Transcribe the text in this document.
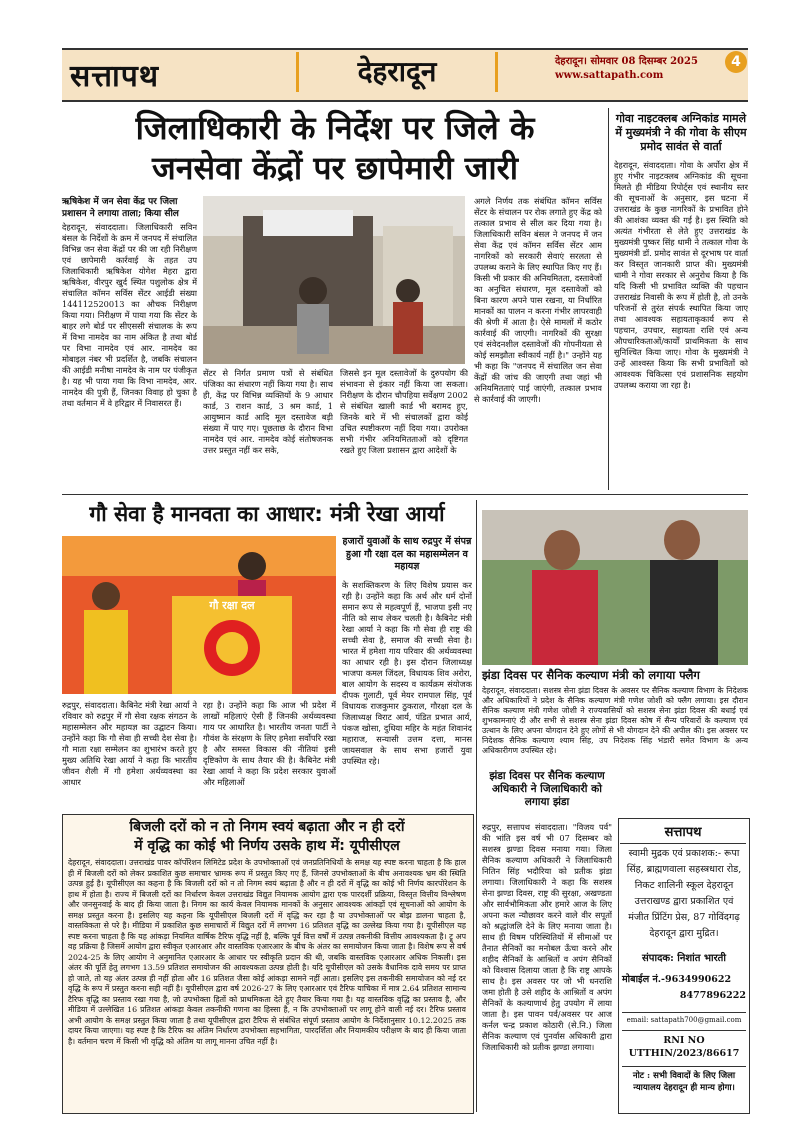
सत्तापथ	देहरादून	देहरादून। सोमवार 08 दिसम्बर 2025
www.sattapath.com
4
जिलाधिकारी के निर्देश पर जिले के
जनसेवा केंद्रों पर छापेमारी जारी
ऋषिकेश में जन सेवा केंद्र पर जिला प्रशासन ने लगाया ताला; किया सील
देहरादून, संवाददाता। जिलाधिकारी सविन बंसल के निर्देशों के क्रम में जनपद में संचालित विभिन्न जन सेवा केंद्रों पर की जा रही निरीक्षण एवं छापेमारी कार्रवाई के तहत उप जिलाधिकारी ऋषिकेश योगेश मेहरा द्वारा ऋषिकेश, वीरपुर खुर्द स्थित पशुलोक क्षेत्र में संचालित कॉमन सर्विस सेंटर आईडी संख्या 144112520013 का औचक निरीक्षण किया गया। निरीक्षण में पाया गया कि सेंटर के बाहर लगे बोर्ड पर सीएससी संचालक के रूप में विभा नामदेव का नाम अंकित है तथा बोर्ड पर विभा नामदेव एवं आर. नामदेव का मोबाइल नंबर भी प्रदर्शित है, जबकि संचालन की आईडी मनीषा नामदेव के नाम पर पंजीकृत है। यह भी पाया गया कि विभा नामदेव, आर. नामदेव की पुत्री हैं, जिनका विवाह हो चुका है तथा वर्तमान में वे हरिद्वार में निवासरत हैं।
सेंटर से निर्गत प्रमाण पत्रों से संबंधित पंजिका का संधारण नहीं किया गया है। साथ ही, केंद्र पर विभिन्न व्यक्तियों के 9 आधार कार्ड, 3 राशन कार्ड, 3 श्रम कार्ड, 1 आयुष्मान कार्ड आदि मूल दस्तावेज बड़ी संख्या में पाए गए। पूछताछ के दौरान विभा नामदेव एवं आर. नामदेव कोई संतोषजनक उत्तर प्रस्तुत नहीं कर सके,
जिससे इन मूल दस्तावेजों के दुरुपयोग की संभावना से इंकार नहीं किया जा सकता। निरीक्षण के दौरान चौपहिया सर्वेक्षण 2002 से संबंधित खाली कार्ड भी बरामद हुए, जिनके बारे में भी संचालकों द्वारा कोई उचित स्पष्टीकरण नहीं दिया गया। उपरोक्त सभी गंभीर अनियमितताओं को दृष्टिगत रखते हुए जिला प्रशासन द्वारा आदेशों के
अगले निर्णय तक संबंधित कॉमन सर्विस सेंटर के संचालन पर रोक लगाते हुए केंद्र को तत्काल प्रभाव से सील कर दिया गया है। जिलाधिकारी सविन बंसल ने जनपद में जन सेवा केंद्र एवं कॉमन सर्विस सेंटर आम नागरिकों को सरकारी सेवाएं सरलता से उपलब्ध कराने के लिए स्थापित किए गए हैं। किसी भी प्रकार की अनियमितता, दस्तावेजों का अनुचित संधारण, मूल दस्तावेजों को बिना कारण अपने पास रखना, या निर्धारित मानकों का पालन न करना गंभीर लापरवाही की श्रेणी में आता है। ऐसे मामलों में कठोर कार्रवाई की जाएगी। नागरिकों की सुरक्षा एवं संवेदनशील दस्तावेजों की गोपनीयता से कोई समझौता स्वीकार्य नहीं है।" उन्होंने यह भी कहा कि "जनपद में संचालित जन सेवा केंद्रों की जांच की जाएगी तथा जहां भी अनियमितताएं पाई जाएंगी, तत्काल प्रभाव से कार्रवाई की जाएगी।
गोवा नाइटक्लब अग्निकांड मामले में मुख्यमंत्री ने की गोवा के सीएम प्रमोद सावंत से वार्ता
देहरादून, संवाददाता। गोवा के अर्पोरा क्षेत्र में हुए गंभीर नाइटक्लब अग्निकांड की सूचना मिलते ही मीडिया रिपोर्ट्स एवं स्थानीय स्तर की सूचनाओं के अनुसार, इस घटना में उत्तराखंड के कुछ नागरिकों के प्रभावित होने की आशंका व्यक्त की गई है। इस स्थिति को अत्यंत गंभीरता से लेते हुए उत्तराखंड के मुख्यमंत्री पुष्कर सिंह धामी ने तत्काल गोवा के मुख्यमंत्री डॉ. प्रमोद सावंत से दूरभाष पर वार्ता कर विस्तृत जानकारी प्राप्त की। मुख्यमंत्री धामी ने गोवा सरकार से अनुरोध किया है कि यदि किसी भी प्रभावित व्यक्ति की पहचान उत्तराखंड निवासी के रूप में होती है, तो उनके परिजनों से तुरंत संपर्क स्थापित किया जाए तथा आवश्यक सहायताकृकार्य रूप से पहचान, उपचार, सहायता राशि एवं अन्य औपचारिकताओं/कार्यों प्राथमिकता के साथ सुनिश्चित किया जाए। गोवा के मुख्यमंत्री ने उन्हें आश्वस्त किया कि सभी प्रभावितों को आवश्यक चिकित्सा एवं प्रशासनिक सहयोग उपलब्ध कराया जा रहा है।
गौ सेवा है मानवता का आधार: मंत्री रेखा आर्या
हजारों युवाओं के साथ रुद्रपुर में संपन्न हुआ गौ रक्षा दल का महासम्मेलन व महायज्ञ
गौ रक्षा दल
रुद्रपुर, संवाददाता। कैबिनेट मंत्री रेखा आर्या ने रविवार को रुद्रपुर में गौ सेवा रक्षक संगठन के महासम्मेलन और महायज्ञ का उद्घाटन किया। उन्होंने कहा कि गौ सेवा ही सच्ची देश सेवा है। गौ माता रक्षा सम्मेलन का शुभारंभ करते हुए मुख्य अतिथि रेखा आर्या ने कहा कि भारतीय जीवन शैली में गौ हमेशा अर्थव्यवस्था का आधार
रहा है। उन्होंने कहा कि आज भी प्रदेश में लाखों महिलाएं ऐसी हैं जिनकी अर्थव्यवस्था गाय पर आधारित है। भारतीय जनता पार्टी ने गौवंश के संरक्षण के लिए हमेशा सर्वोपरि रखा है और समस्त विकास की नीतियां इसी दृष्टिकोण के साथ तैयार की है। कैबिनेट मंत्री रेखा आर्या ने कहा कि प्रदेश सरकार युवाओं और महिलाओं
के सशक्तिकरण के लिए विशेष प्रयास कर रही है। उन्होंने कहा कि अर्थ और धर्म दोनों समान रूप से महत्वपूर्ण हैं, भाजपा इसी नए नीति को साथ लेकर चलती है। कैबिनेट मंत्री रेखा आर्या ने कहा कि गौ सेवा ही राष्ट्र की सच्ची सेवा है, समाज की सच्ची सेवा है। भारत में हमेशा गाय परिवार की अर्थव्यवस्था का आधार रही है। इस दौरान जिलाध्यक्ष भाजपा कमल जिंदल, विधायक शिव अरोरा, बाल आयोग के सदस्य व कार्यक्रम संयोजक दीपक गुलाटी, पूर्व मेयर रामपाल सिंह, पूर्व विधायक राजकुमार ठुकराल, गौरक्षा दल के जिलाध्यक्ष विराट आर्य, पंडित प्रभात आर्य, पंकज खोसा, दुधिया महिर के महंत शिवानंद महाराज, सन्यासी उत्तम दत्ता, मानस जायसवाल के साथ सभा हजारों युवा उपस्थित रहे।
झंडा दिवस पर सैनिक कल्याण मंत्री को लगाया फ्लैग
देहरादून, संवाददाता। सशस्त्र सेना झंडा दिवस के अवसर पर सैनिक कल्याण विभाग के निदेशक और अधिकारियों ने प्रदेश के सैनिक कल्याण मंत्री गणेश जोशी को फ्लैग लगाया। इस दौरान सैनिक कल्याण मंत्री गणेश जोशी ने राज्यवासियों को सशस्त्र सेना झंडा दिवस की बधाई एवं शुभकामनाएं दी और सभी से सशस्त्र सेना झंडा दिवस कोष में सैन्य परिवारों के कल्याण एवं उत्थान के लिए अपना योगदान देने हुए लोगों से भी योगदान देने की अपील की। इस अवसर पर निदेशक सैनिक कल्याण श्याम सिंह, उप निदेशक सिंह भंडारी समेत विभाग के अन्य अधिकारीगण उपस्थित रहे।
झंडा दिवस पर सैनिक कल्याण अधिकारी ने जिलाधिकारी को लगाया झंडा
रुद्रपुर, सत्तापथ संवाददाता। "विजय पर्व" की भांति इस वर्ष भी 07 दिसम्बर को सशस्त्र झण्डा दिवस मनाया गया। जिला सैनिक कल्याण अधिकारी ने जिलाधिकारी नितिन सिंह भदौरिया को प्रतीक झंडा लगाया। जिलाधिकारी ने कहा कि सशस्त्र सेना झण्डा दिवस, राष्ट्र की सुरक्षा, अखण्डता और सार्वभौमिकता और हमारे आज के लिए अपना कल न्यौछावर करने वाले वीर सपूतों को श्रद्धांजलि देने के लिए मनाया जाता है। साथ ही विषम परिस्थितियों में सीमाओं पर तैनात सैनिकों का मनोबल ऊँचा करने और शहीद सैनिकों के आश्रितों व अपंग सैनिकों को विश्वास दिलाया जाता है कि राष्ट्र आपके साथ है। इस अवसर पर जो भी धनराशि जमा होती है उसे शहीद के आश्रितों व अपंग सैनिकों के कल्याणार्थ हेतु उपयोग में लाया जाता है। इस पावन पर्व/अवसर पर आज कर्नल चन्द्र प्रकाश कोठारी (से.नि.) जिला सैनिक कल्याण एवं पुनर्वास अधिकारी द्वारा जिलाधिकारी को प्रतीक झण्डा लगाया।
सत्तापथ
स्वामी मुद्रक एवं प्रकाशक:- रूपा सिंह, ब्राह्मणवाला सहस्त्रधारा रोड, निकट शालिनी स्कूल देहरादून उत्तराखण्ड द्वारा प्रकाशित एवं मंजीत प्रिंटिंग प्रेस, 87 गोविंदगढ़ देहरादून द्वारा मुद्रित।
संपादक: निशांत भारती
मोबाईल नं.-9634990622
8477896222
email: sattapath700@gmail.com
RNI NO
UTTHIN/2023/86617
नोट : सभी विवादों के लिए जिला न्यायालय देहरादून ही मान्य होगा।
बिजली दरों को न तो निगम स्वयं बढ़ाता और न ही दरों
में वृद्धि का कोई भी निर्णय उसके हाथ में: यूपीसीएल
देहरादून, संवाददाता। उत्तराखंड पावर कॉर्पोरेशन लिमिटेड प्रदेश के उपभोक्ताओं एवं जनप्रतिनिधियों के समक्ष यह स्पष्ट करना चाहता है कि हाल ही में बिजली दरों को लेकर प्रकाशित कुछ समाचार भ्रामक रूप में प्रस्तुत किए गए हैं, जिनसे उपभोक्ताओं के बीच अनावश्यक भ्रम की स्थिति उत्पन्न हुई है। यूपीसीएल का कहना है कि बिजली दरों को न तो निगम स्वयं बढ़ाता है और न ही दरों में वृद्धि का कोई भी निर्णय कारपोरेशन के हाथ में होता है। राज्य में बिजली दरों का निर्धारण केवल उत्तराखंड विद्युत नियामक आयोग द्वारा एक पारदर्शी प्रक्रिया, विस्तृत वित्तीय विश्लेषण और जनसुनवाई के बाद ही किया जाता है। निगम का कार्य केवल नियामक मानकों के अनुसार आवश्यक आंकड़ों एवं सूचनाओं को आयोग के समक्ष प्रस्तुत करना है। इसलिए यह कहना कि यूपीसीएल बिजली दरों में वृद्धि कर रहा है या उपभोक्ताओं पर बोझ डालना चाहता है, वास्तविकता से परे है। मीडिया में प्रकाशित कुछ समाचारों में विद्युत दरों में लगभग 16 प्रतिशत वृद्धि का उल्लेख किया गया है। यूपीसीएल यह स्पष्ट करना चाहता है कि यह आंकड़ा नियमित वार्षिक टैरिफ वृद्धि नहीं है, बल्कि पूर्व वित्त वर्षों में उत्पन्न तकनीकी वित्तीय आवश्यकता है। ट्रू अप वह प्रक्रिया है जिसमें आयोग द्वारा स्वीकृत एआरआर और वास्तविक एआरआर के बीच के अंतर का समायोजन किया जाता है। विशेष रूप से वर्ष 2024-25 के लिए आयोग ने अनुमानित एआरआर के आधार पर स्वीकृति प्रदान की थी, जबकि वास्तविक एआरआर अधिक निकली। इस अंतर की पूर्ति हेतु लगभग 13.59 प्रतिशत समायोजन की आवश्यकता उत्पन्न होती है। यदि यूपीसीएल को उसके वैधानिक दावे समय पर प्राप्त हो जाते, तो यह अंतर उत्पन्न ही नहीं होता और 16 प्रतिशत जैसा कोई आंकड़ा सामने नहीं आता। इसलिए इस तकनीकी समायोजन को नई दर वृद्धि के रूप में प्रस्तुत करना सही नहीं है। यूपीसीएल द्वारा वर्ष 2026-27 के लिए एआरआर एवं टैरिफ याचिका में मात्र 2.64 प्रतिशत सामान्य टैरिफ वृद्धि का प्रस्ताव रखा गया है, जो उपभोक्ता हितों को प्राथमिकता देते हुए तैयार किया गया है। यह वास्तविक वृद्धि का प्रस्ताव है, और मीडिया में उल्लेखित 16 प्रतिशत आंकड़ा केवल तकनीकी गणना का हिस्सा है, न कि उपभोक्ताओं पर लागू होने वाली नई दर। टैरिफ प्रस्ताव अभी आयोग के समक्ष प्रस्तुत किया जाता है तथा यूपीसीएल द्वारा टैरिफ से संबंधित संपूर्ण प्रस्ताव आयोग के निर्देशानुसार 10.12.2025 तक दायर किया जाएगा। यह स्पष्ट है कि टैरिफ का अंतिम निर्धारण उपभोक्ता सहभागिता, पारदर्शिता और नियामकीय परीक्षण के बाद ही किया जाता है। वर्तमान चरण में किसी भी वृद्धि को अंतिम या लागू मानना उचित नहीं है।
